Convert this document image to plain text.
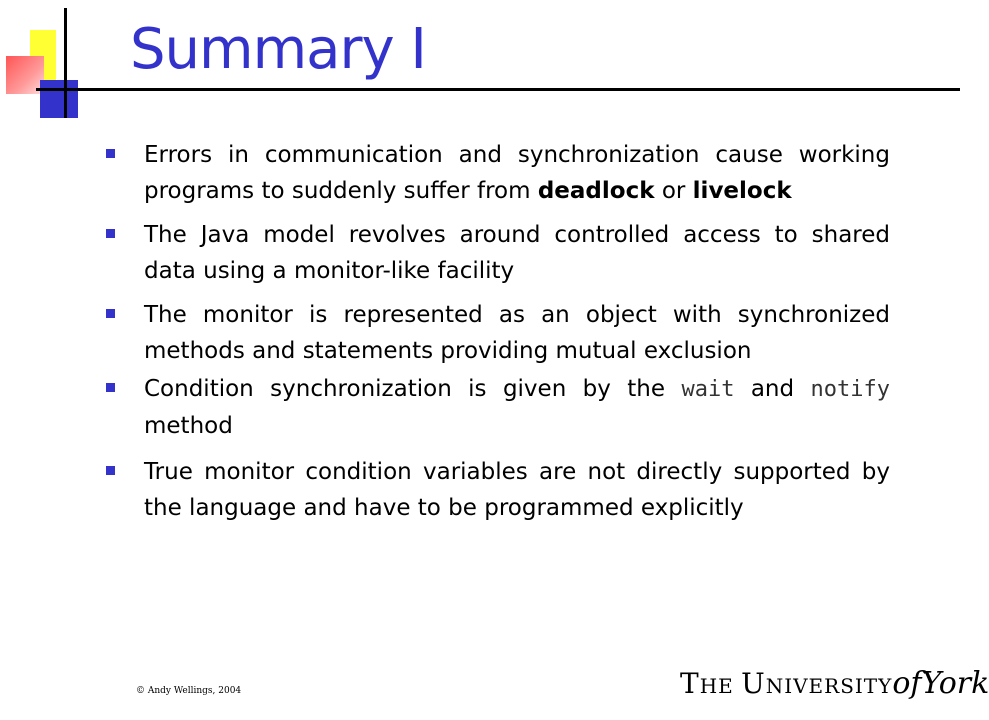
Summary I
Errors in communication and synchronization cause working programs to suddenly suffer from deadlock or livelock
The Java model revolves around controlled access to shared data using a monitor-like facility
The monitor is represented as an object with synchronized methods and statements providing mutual exclusion
Condition synchronization is given by the wait and notify method
True monitor condition variables are not directly supported by the language and have to be programmed explicitly
© Andy Wellings, 2004	THE UNIVERSITYofYork
